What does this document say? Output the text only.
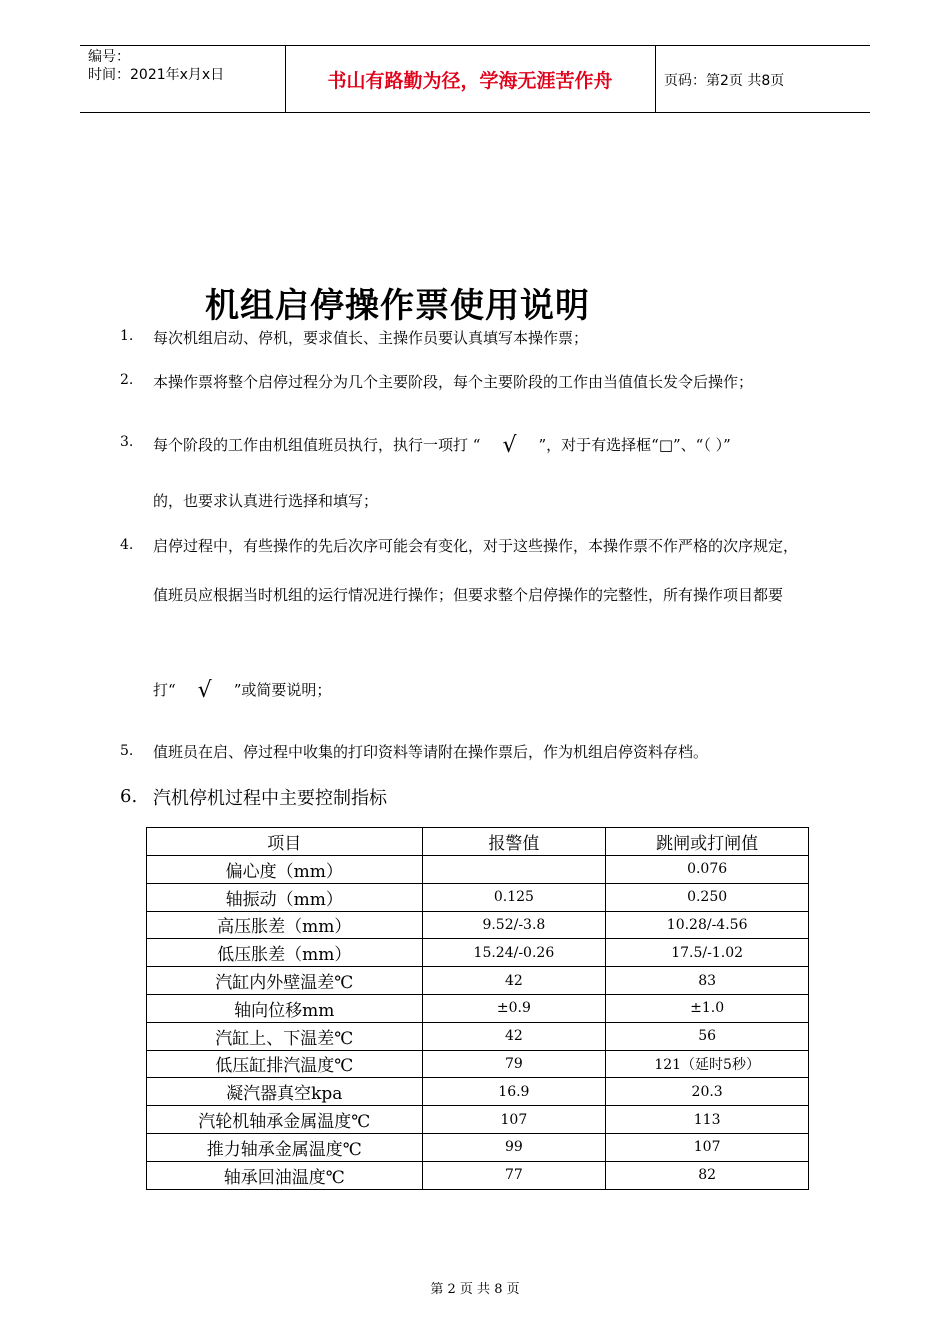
编号：
时间：2021年x月x日	书山有路勤为径，学海无涯苦作舟	页码：第2页 共8页
机组启停操作票使用说明
1. 每次机组启动、停机，要求值长、主操作员要认真填写本操作票；
2. 本操作票将整个启停过程分为几个主要阶段，每个主要阶段的工作由当值值长发令后操作；
3. 每个阶段的工作由机组值班员执行，执行一项打 “ √ ”，对于有选择框“□”、“（ ）”
的，也要求认真进行选择和填写；
4. 启停过程中，有些操作的先后次序可能会有变化，对于这些操作，本操作票不作严格的次序规定，
值班员应根据当时机组的运行情况进行操作；但要求整个启停操作的完整性，所有操作项目都要
打“ √ ”或简要说明；
5. 值班员在启、停过程中收集的打印资料等请附在操作票后，作为机组启停资料存档。
6. 汽机停机过程中主要控制指标
项目	报警值	跳闸或打闸值
偏心度（mm）		0.076
轴振动（mm）	0.125	0.250
高压胀差（mm）	9.52/-3.8	10.28/-4.56
低压胀差（mm）	15.24/-0.26	17.5/-1.02
汽缸内外壁温差℃	42	83
轴向位移mm	±0.9	±1.0
汽缸上、下温差℃	42	56
低压缸排汽温度℃	79	121（延时5秒）
凝汽器真空kpa	16.9	20.3
汽轮机轴承金属温度℃	107	113
推力轴承金属温度℃	99	107
轴承回油温度℃	77	82
第 2 页 共 8 页
